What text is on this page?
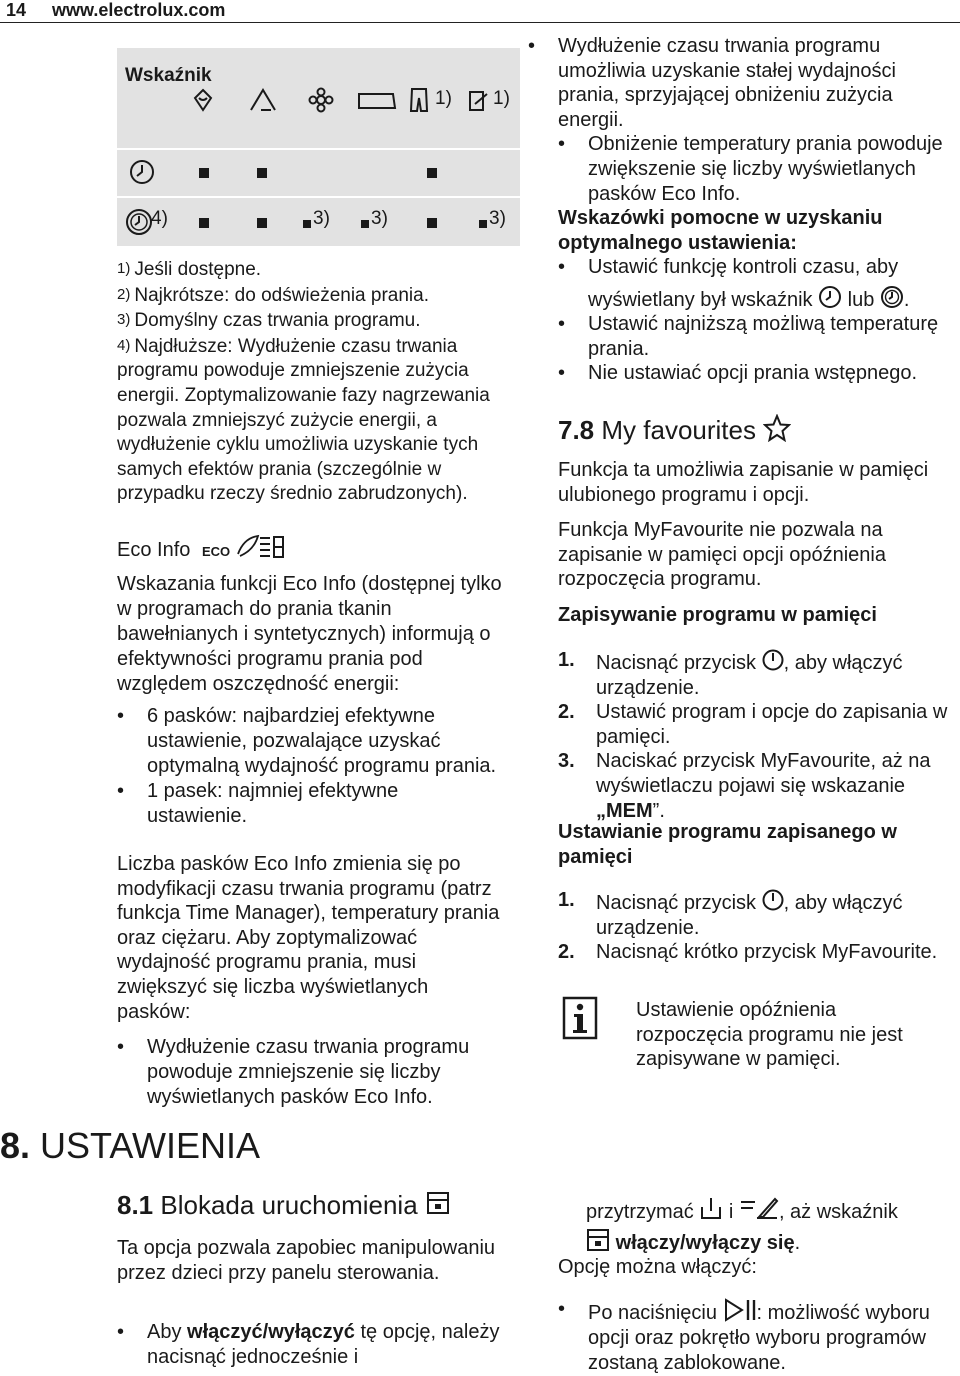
14 www.electrolux.com
Wskaźnik
1) 1)
4)	3) 3)	3)
1) Jeśli dostępne.
2) Najkrótsze: do odświeżenia prania.
3) Domyślny czas trwania programu.
4) Najdłuższe: Wydłużenie czasu trwania programu powoduje zmniejszenie zużycia energii. Zoptymalizowanie fazy nagrzewania pozwala zmniejszyć zużycie energii, a wydłużenie cyklu umożliwia uzyskanie tych samych efektów prania (szczególnie w przypadku rzeczy średnio zabrudzonych).
Eco Info ECO
Wskazania funkcji Eco Info (dostępnej tylko w programach do prania tkanin bawełnianych i syntetycznych) informują o efektywności programu prania pod względem oszczędność energii:
• 6 pasków: najbardziej efektywne ustawienie, pozwalające uzyskać optymalną wydajność programu prania.
• 1 pasek: najmniej efektywne ustawienie.
Liczba pasków Eco Info zmienia się po modyfikacji czasu trwania programu (patrz funkcja Time Manager), temperatury prania oraz ciężaru. Aby zoptymalizować wydajność programu prania, musi zwiększyć się liczba wyświetlanych pasków:
• Wydłużenie czasu trwania programu powoduje zmniejszenie się liczby wyświetlanych pasków Eco Info.
8. USTAWIENIA
8.1 Blokada uruchomienia
Ta opcja pozwala zapobiec manipulowaniu przez dzieci przy panelu sterowania.
• Aby włączyć/wyłączyć tę opcję, należy nacisnąć jednocześnie i
• Wydłużenie czasu trwania programu umożliwia uzyskanie stałej wydajności prania, sprzyjającej obniżeniu zużycia energii.
• Obniżenie temperatury prania powoduje zwiększenie się liczby wyświetlanych pasków Eco Info.
Wskazówki pomocne w uzyskaniu optymalnego ustawienia:
• Ustawić funkcję kontroli czasu, aby
wyświetlany był wskaźnik lub .
• Ustawić najniższą możliwą temperaturę prania.
• Nie ustawiać opcji prania wstępnego.
7.8 My favourites
Funkcja ta umożliwia zapisanie w pamięci ulubionego programu i opcji.
Funkcja MyFavourite nie pozwala na zapisanie w pamięci opcji opóźnienia rozpoczęcia programu.
Zapisywanie programu w pamięci
1. Nacisnąć przycisk , aby włączyć urządzenie.
2. Ustawić program i opcje do zapisania w pamięci.
3. Naciskać przycisk MyFavourite, aż na wyświetlaczu pojawi się wskazanie „MEM”.
Ustawianie programu zapisanego w pamięci
1. Nacisnąć przycisk , aby włączyć urządzenie.
2. Nacisnąć krótko przycisk MyFavourite.
Ustawienie opóźnienia rozpoczęcia programu nie jest zapisywane w pamięci.
przytrzymać i , aż wskaźnik
włączy/wyłączy się.
Opcję można włączyć:
• Po naciśnięciu : możliwość wyboru opcji oraz pokrętło wyboru programów zostaną zablokowane.
